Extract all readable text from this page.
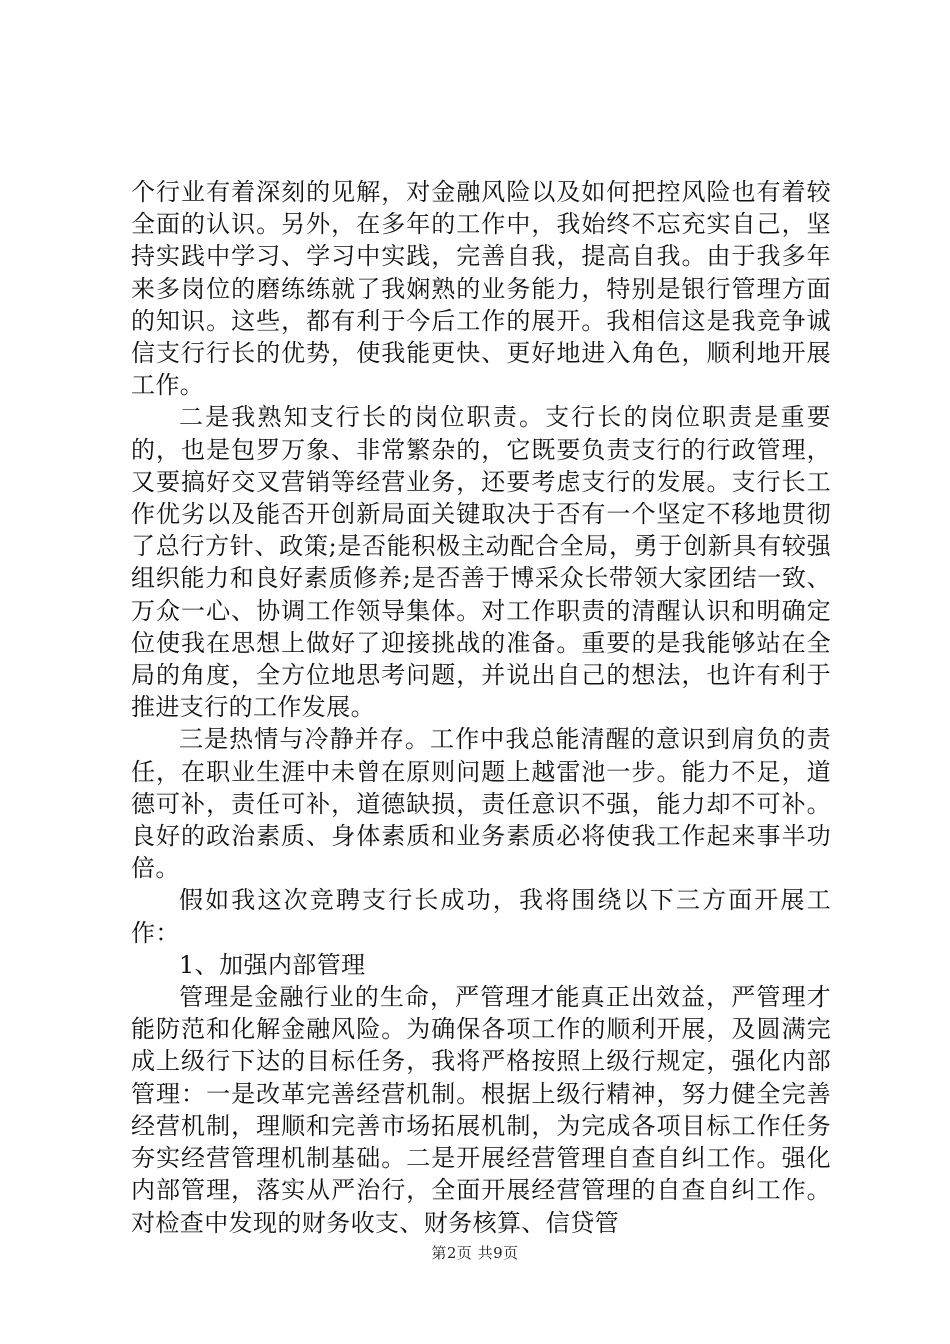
个行业有着深刻的见解，对金融风险以及如何把控风险也有着较全面的认识。另外，在多年的工作中，我始终不忘充实自己，坚持实践中学习、学习中实践，完善自我，提高自我。由于我多年来多岗位的磨练练就了我娴熟的业务能力，特别是银行管理方面的知识。这些，都有利于今后工作的展开。我相信这是我竞争诚信支行行长的优势，使我能更快、更好地进入角色，顺利地开展工作。

二是我熟知支行长的岗位职责。支行长的岗位职责是重要的，也是包罗万象、非常繁杂的，它既要负责支行的行政管理，又要搞好交叉营销等经营业务，还要考虑支行的发展。支行长工作优劣以及能否开创新局面关键取决于否有一个坚定不移地贯彻了总行方针、政策;是否能积极主动配合全局，勇于创新具有较强组织能力和良好素质修养;是否善于博采众长带领大家团结一致、万众一心、协调工作领导集体。对工作职责的清醒认识和明确定位使我在思想上做好了迎接挑战的准备。重要的是我能够站在全局的角度，全方位地思考问题，并说出自己的想法，也许有利于推进支行的工作发展。

三是热情与冷静并存。工作中我总能清醒的意识到肩负的责任，在职业生涯中未曾在原则问题上越雷池一步。能力不足，道德可补，责任可补，道德缺损，责任意识不强，能力却不可补。良好的政治素质、身体素质和业务素质必将使我工作起来事半功倍。

假如我这次竞聘支行长成功，我将围绕以下三方面开展工作：

1、加强内部管理

管理是金融行业的生命，严管理才能真正出效益，严管理才能防范和化解金融风险。为确保各项工作的顺利开展，及圆满完成上级行下达的目标任务，我将严格按照上级行规定，强化内部管理：一是改革完善经营机制。根据上级行精神，努力健全完善经营机制，理顺和完善市场拓展机制，为完成各项目标工作任务夯实经营管理机制基础。二是开展经营管理自查自纠工作。强化内部管理，落实从严治行，全面开展经营管理的自查自纠工作。对检查中发现的财务收支、财务核算、信贷管

第2页 共9页
